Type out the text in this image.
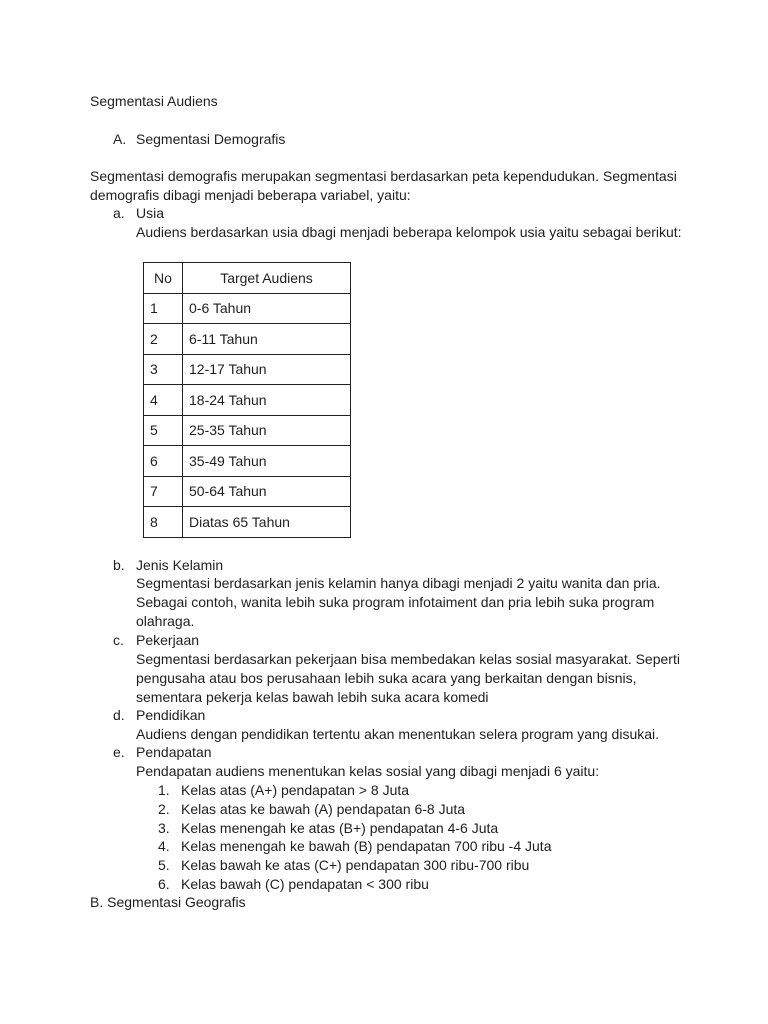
Segmentasi Audiens
A. Segmentasi Demografis
Segmentasi demografis merupakan segmentasi berdasarkan peta kependudukan. Segmentasi
demografis dibagi menjadi beberapa variabel, yaitu:
a. Usia
Audiens berdasarkan usia dbagi menjadi beberapa kelompok usia yaitu sebagai berikut:
No	Target Audiens
1	0-6 Tahun
2	6-11 Tahun
3	12-17 Tahun
4	18-24 Tahun
5	25-35 Tahun
6	35-49 Tahun
7	50-64 Tahun
8	Diatas 65 Tahun
b. Jenis Kelamin
Segmentasi berdasarkan jenis kelamin hanya dibagi menjadi 2 yaitu wanita dan pria.
Sebagai contoh, wanita lebih suka program infotaiment dan pria lebih suka program
olahraga.
c. Pekerjaan
Segmentasi berdasarkan pekerjaan bisa membedakan kelas sosial masyarakat. Seperti
pengusaha atau bos perusahaan lebih suka acara yang berkaitan dengan bisnis,
sementara pekerja kelas bawah lebih suka acara komedi
d. Pendidikan
Audiens dengan pendidikan tertentu akan menentukan selera program yang disukai.
e. Pendapatan
Pendapatan audiens menentukan kelas sosial yang dibagi menjadi 6 yaitu:
1. Kelas atas (A+) pendapatan > 8 Juta
2. Kelas atas ke bawah (A) pendapatan 6-8 Juta
3. Kelas menengah ke atas (B+) pendapatan 4-6 Juta
4. Kelas menengah ke bawah (B) pendapatan 700 ribu -4 Juta
5. Kelas bawah ke atas (C+) pendapatan 300 ribu-700 ribu
6. Kelas bawah (C) pendapatan < 300 ribu
B. Segmentasi Geografis
